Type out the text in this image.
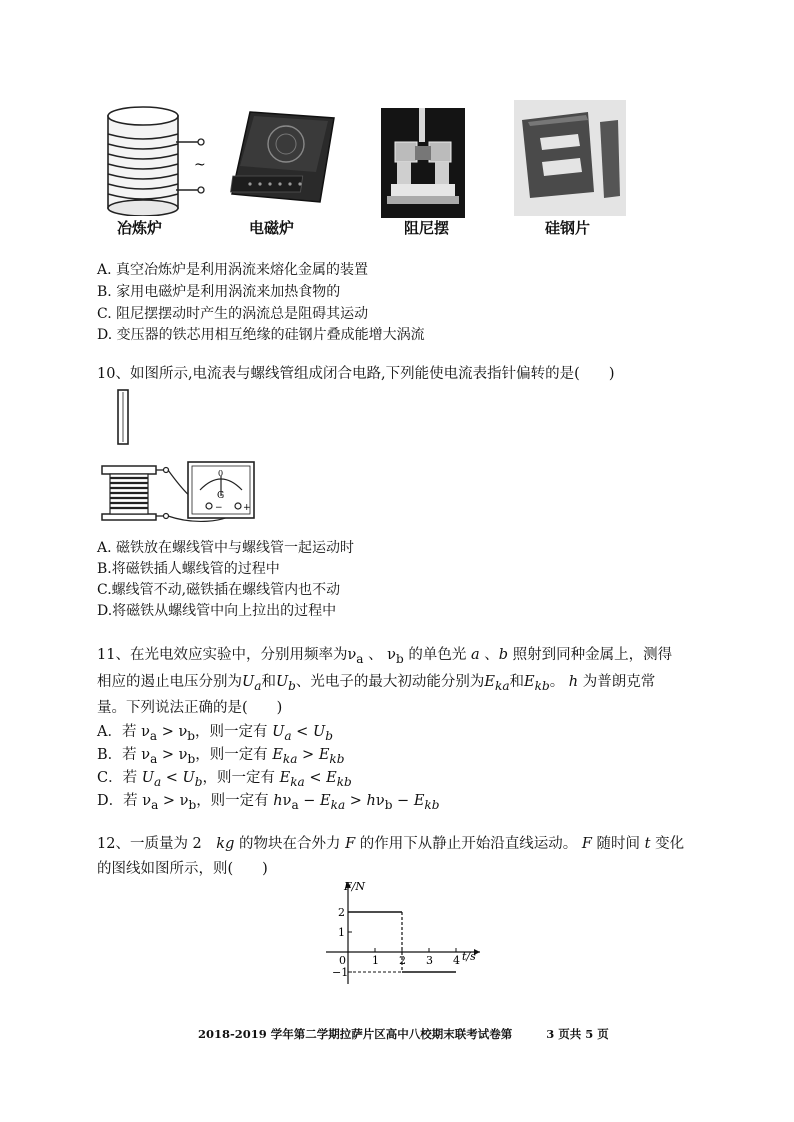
~
冶炼炉	电磁炉	阻尼摆	硅钢片
A. 真空冶炼炉是利用涡流来熔化金属的装置
B. 家用电磁炉是利用涡流来加热食物的
C. 阻尼摆摆动时产生的涡流总是阻碍其运动
D. 变压器的铁芯用相互绝缘的硅钢片叠成能增大涡流
10、如图所示,电流表与螺线管组成闭合电路,下列能使电流表指针偏转的是(　　)
0
G
− +
A. 磁铁放在螺线管中与螺线管一起运动时
B.将磁铁插人螺线管的过程中
C.螺线管不动,磁铁插在螺线管内也不动
D.将磁铁从螺线管中向上拉出的过程中
11、在光电效应实验中，分别用频率为$\nu_a$ 、 $\nu_b$ 的单色光 a 、b 照射到同种金属上，测得
相应的遏止电压分别为$U_a$和$U_b$、光电子的最大初动能分别为$E_{ka}$和$E_{kb}$。 h 为普朗克常
量。下列说法正确的是(　　)
A．若 $\nu_a > \nu_b$，则一定有 $U_a < U_b$
B．若 $\nu_a > \nu_b$，则一定有 $E_{ka} > E_{kb}$
C．若 $U_a < U_b$，则一定有 $E_{ka} < E_{kb}$
D．若 $\nu_a > \nu_b$，则一定有 $h\nu_a - E_{ka} > h\nu_b - E_{kb}$
12、一质量为 2　kg 的物块在合外力 F 的作用下从静止开始沿直线运动。 F 随时间 t 变化
的图线如图所示，则(　　)
0 1 2 3 4
2
1
−1
F/N
t/s
2018-2019 学年第二学期拉萨片区高中八校期末联考试卷第	3 页共 5 页
